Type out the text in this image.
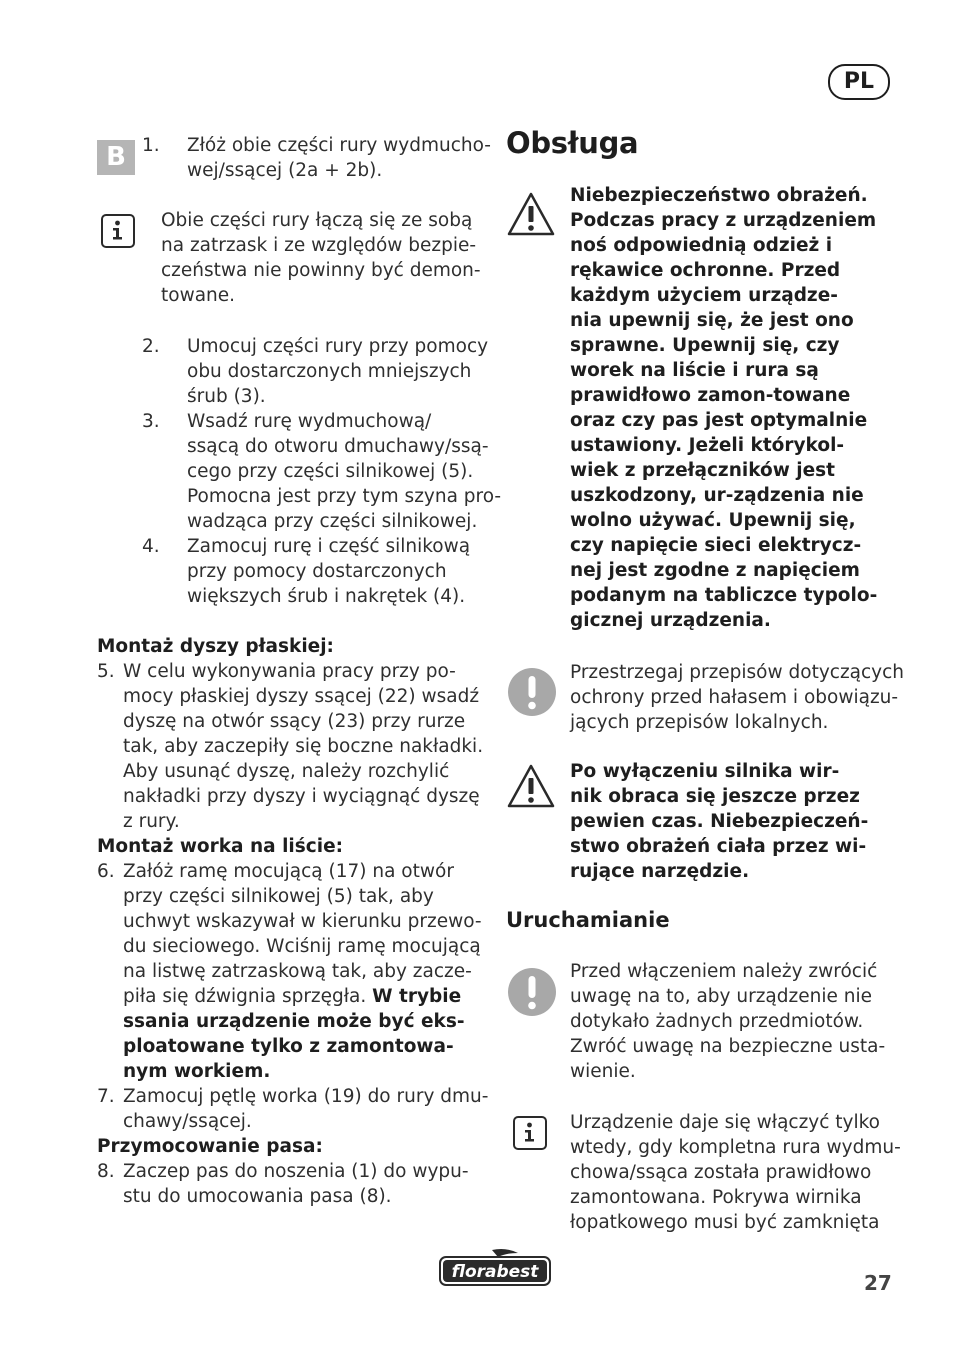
PL
B 1.	Złóż obie części rury wydmucho-
wej/ssącej (2a + 2b).
Obie części rury łączą się ze sobą
na zatrzask i ze względów bezpie-
czeństwa nie powinny być demon-
towane.
2.	Umocuj części rury przy pomocy
obu dostarczonych mniejszych
śrub (3).
3.	Wsadź rurę wydmuchową/
ssącą do otworu dmuchawy/ssą-
cego przy części silnikowej (5).
Pomocna jest przy tym szyna pro-
wadząca przy części silnikowej.
4.	Zamocuj rurę i część silnikową
przy pomocy dostarczonych
większych śrub i nakrętek (4).
Montaż dyszy płaskiej:
5. W celu wykonywania pracy przy po-
mocy płaskiej dyszy ssącej (22) wsadź
dyszę na otwór ssący (23) przy rurze
tak, aby zaczepiły się boczne nakładki.
Aby usunąć dyszę, należy rozchylić
nakładki przy dyszy i wyciągnąć dyszę
z rury.
Montaż worka na liście:
6. Załóż ramę mocującą (17) na otwór
przy części silnikowej (5) tak, aby
uchwyt wskazywał w kierunku przewo-
du sieciowego. Wciśnij ramę mocującą
na listwę zatrzaskową tak, aby zacze-
piła się dźwignia sprzęgła. W trybie
ssania urządzenie może być eks-
ploatowane tylko z zamontowa-
nym workiem.
7. Zamocuj pętlę worka (19) do rury dmu-
chawy/ssącej.
Przymocowanie pasa:
8. Zaczep pas do noszenia (1) do wypu-
stu do umocowania pasa (8).
Obsługa
Niebezpieczeństwo obrażeń.
Podczas pracy z urządzeniem
noś odpowiednią odzież i
rękawice ochronne. Przed
każdym użyciem urządze-
nia upewnij się, że jest ono
sprawne. Upewnij się, czy
worek na liście i rura są
prawidłowo zamon-towane
oraz czy pas jest optymalnie
ustawiony. Jeżeli którykol-
wiek z przełączników jest
uszkodzony, ur-ządzenia nie
wolno używać. Upewnij się,
czy napięcie sieci elektrycz-
nej jest zgodne z napięciem
podanym na tabliczce typolo-
gicznej urządzenia.
Przestrzegaj przepisów dotyczących
ochrony przed hałasem i obowiązu-
jących przepisów lokalnych.
Po wyłączeniu silnika wir-
nik obraca się jeszcze przez
pewien czas. Niebezpieczeń-
stwo obrażeń ciała przez wi-
rujące narzędzie.
Uruchamianie
Przed włączeniem należy zwrócić
uwagę na to, aby urządzenie nie
dotykało żadnych przedmiotów.
Zwróć uwagę na bezpieczne usta-
wienie.
Urządzenie daje się włączyć tylko
wtedy, gdy kompletna rura wydmu-
chowa/ssąca została prawidłowo
zamontowana. Pokrywa wirnika
łopatkowego musi być zamknięta
florabest	27
